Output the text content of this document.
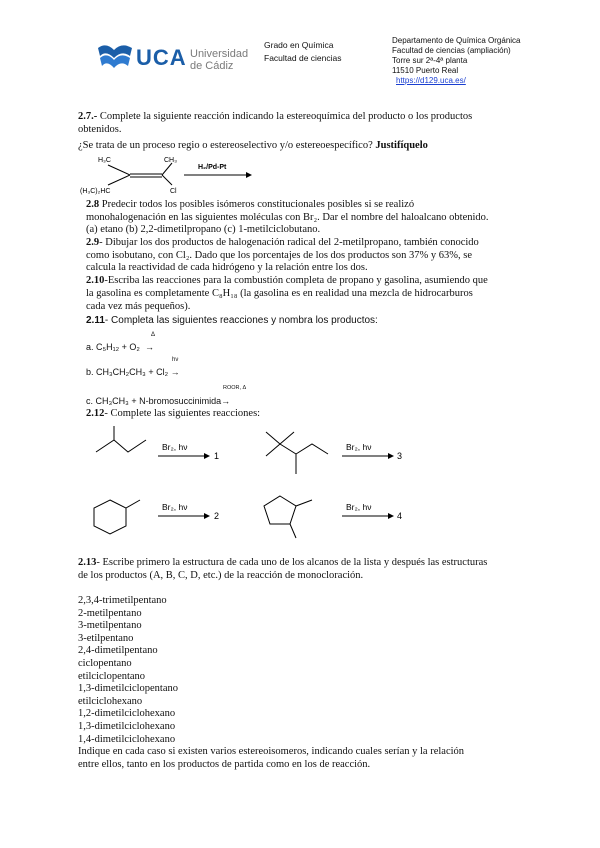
UCA Universidad
de Cádiz
Grado en Química
Facultad de ciencias
Departamento de Química Orgánica
Facultad de ciencias (ampliación)
Torre sur 2ª-4ª planta
11510 Puerto Real
https://d129.uca.es/
2.7.- Complete la siguiente reacción indicando la estereoquímica del producto o los productos
obtenidos.
¿Se trata de un proceso regio o estereoselectivo y/o estereoespecífico? Justifíquelo
H₃C	CH₃
(H₃C)₂HC	Cl
H₂/Pd-Pt
2.8 Predecir todos los posibles isómeros constitucionales posibles si se realizó
monohalogenación en las siguientes moléculas con Br₂. Dar el nombre del haloalcano obtenido.
(a) etano (b) 2,2-dimetilpropano (c) 1-metilciclobutano.
2.9- Dibujar los dos productos de halogenación radical del 2-metilpropano, también conocido
como isobutano, con Cl₂. Dado que los porcentajes de los dos productos son 37% y 63%, se
calcula la reactividad de cada hidrógeno y la relación entre los dos.
2.10-Escriba las reacciones para la combustión completa de propano y gasolina, asumiendo que
la gasolina es completamente C₈H₁₈ (la gasolina es en realidad una mezcla de hidrocarburos
cada vez más pequeños).
2.11- Completa las siguientes reacciones y nombra los productos:
Δ
a. C₅H₁₂ + O₂ →
hν
b. CH₃CH₂CH₃ + Cl₂ →
ROOR, Δ
c. CH₃CH₃ + N-bromosuccinimida→
2.12- Complete las siguientes reacciones:
Br₂, hν
1
Br₂, hν
3
Br₂, hν
2
Br₂, hν
4
2.13- Escribe primero la estructura de cada uno de los alcanos de la lista y después las estructuras
de los productos (A, B, C, D, etc.) de la reacción de monocloración.
2,3,4-trimetilpentano
2-metilpentano
3-metilpentano
3-etilpentano
2,4-dimetilpentano
ciclopentano
etilciclopentano
1,3-dimetilciclopentano
etilciclohexano
1,2-dimetilciclohexano
1,3-dimetilciclohexano
1,4-dimetilciclohexano
Indique en cada caso si existen varios estereoisomeros, indicando cuales serían y la relación
entre ellos, tanto en los productos de partida como en los de reacción.
